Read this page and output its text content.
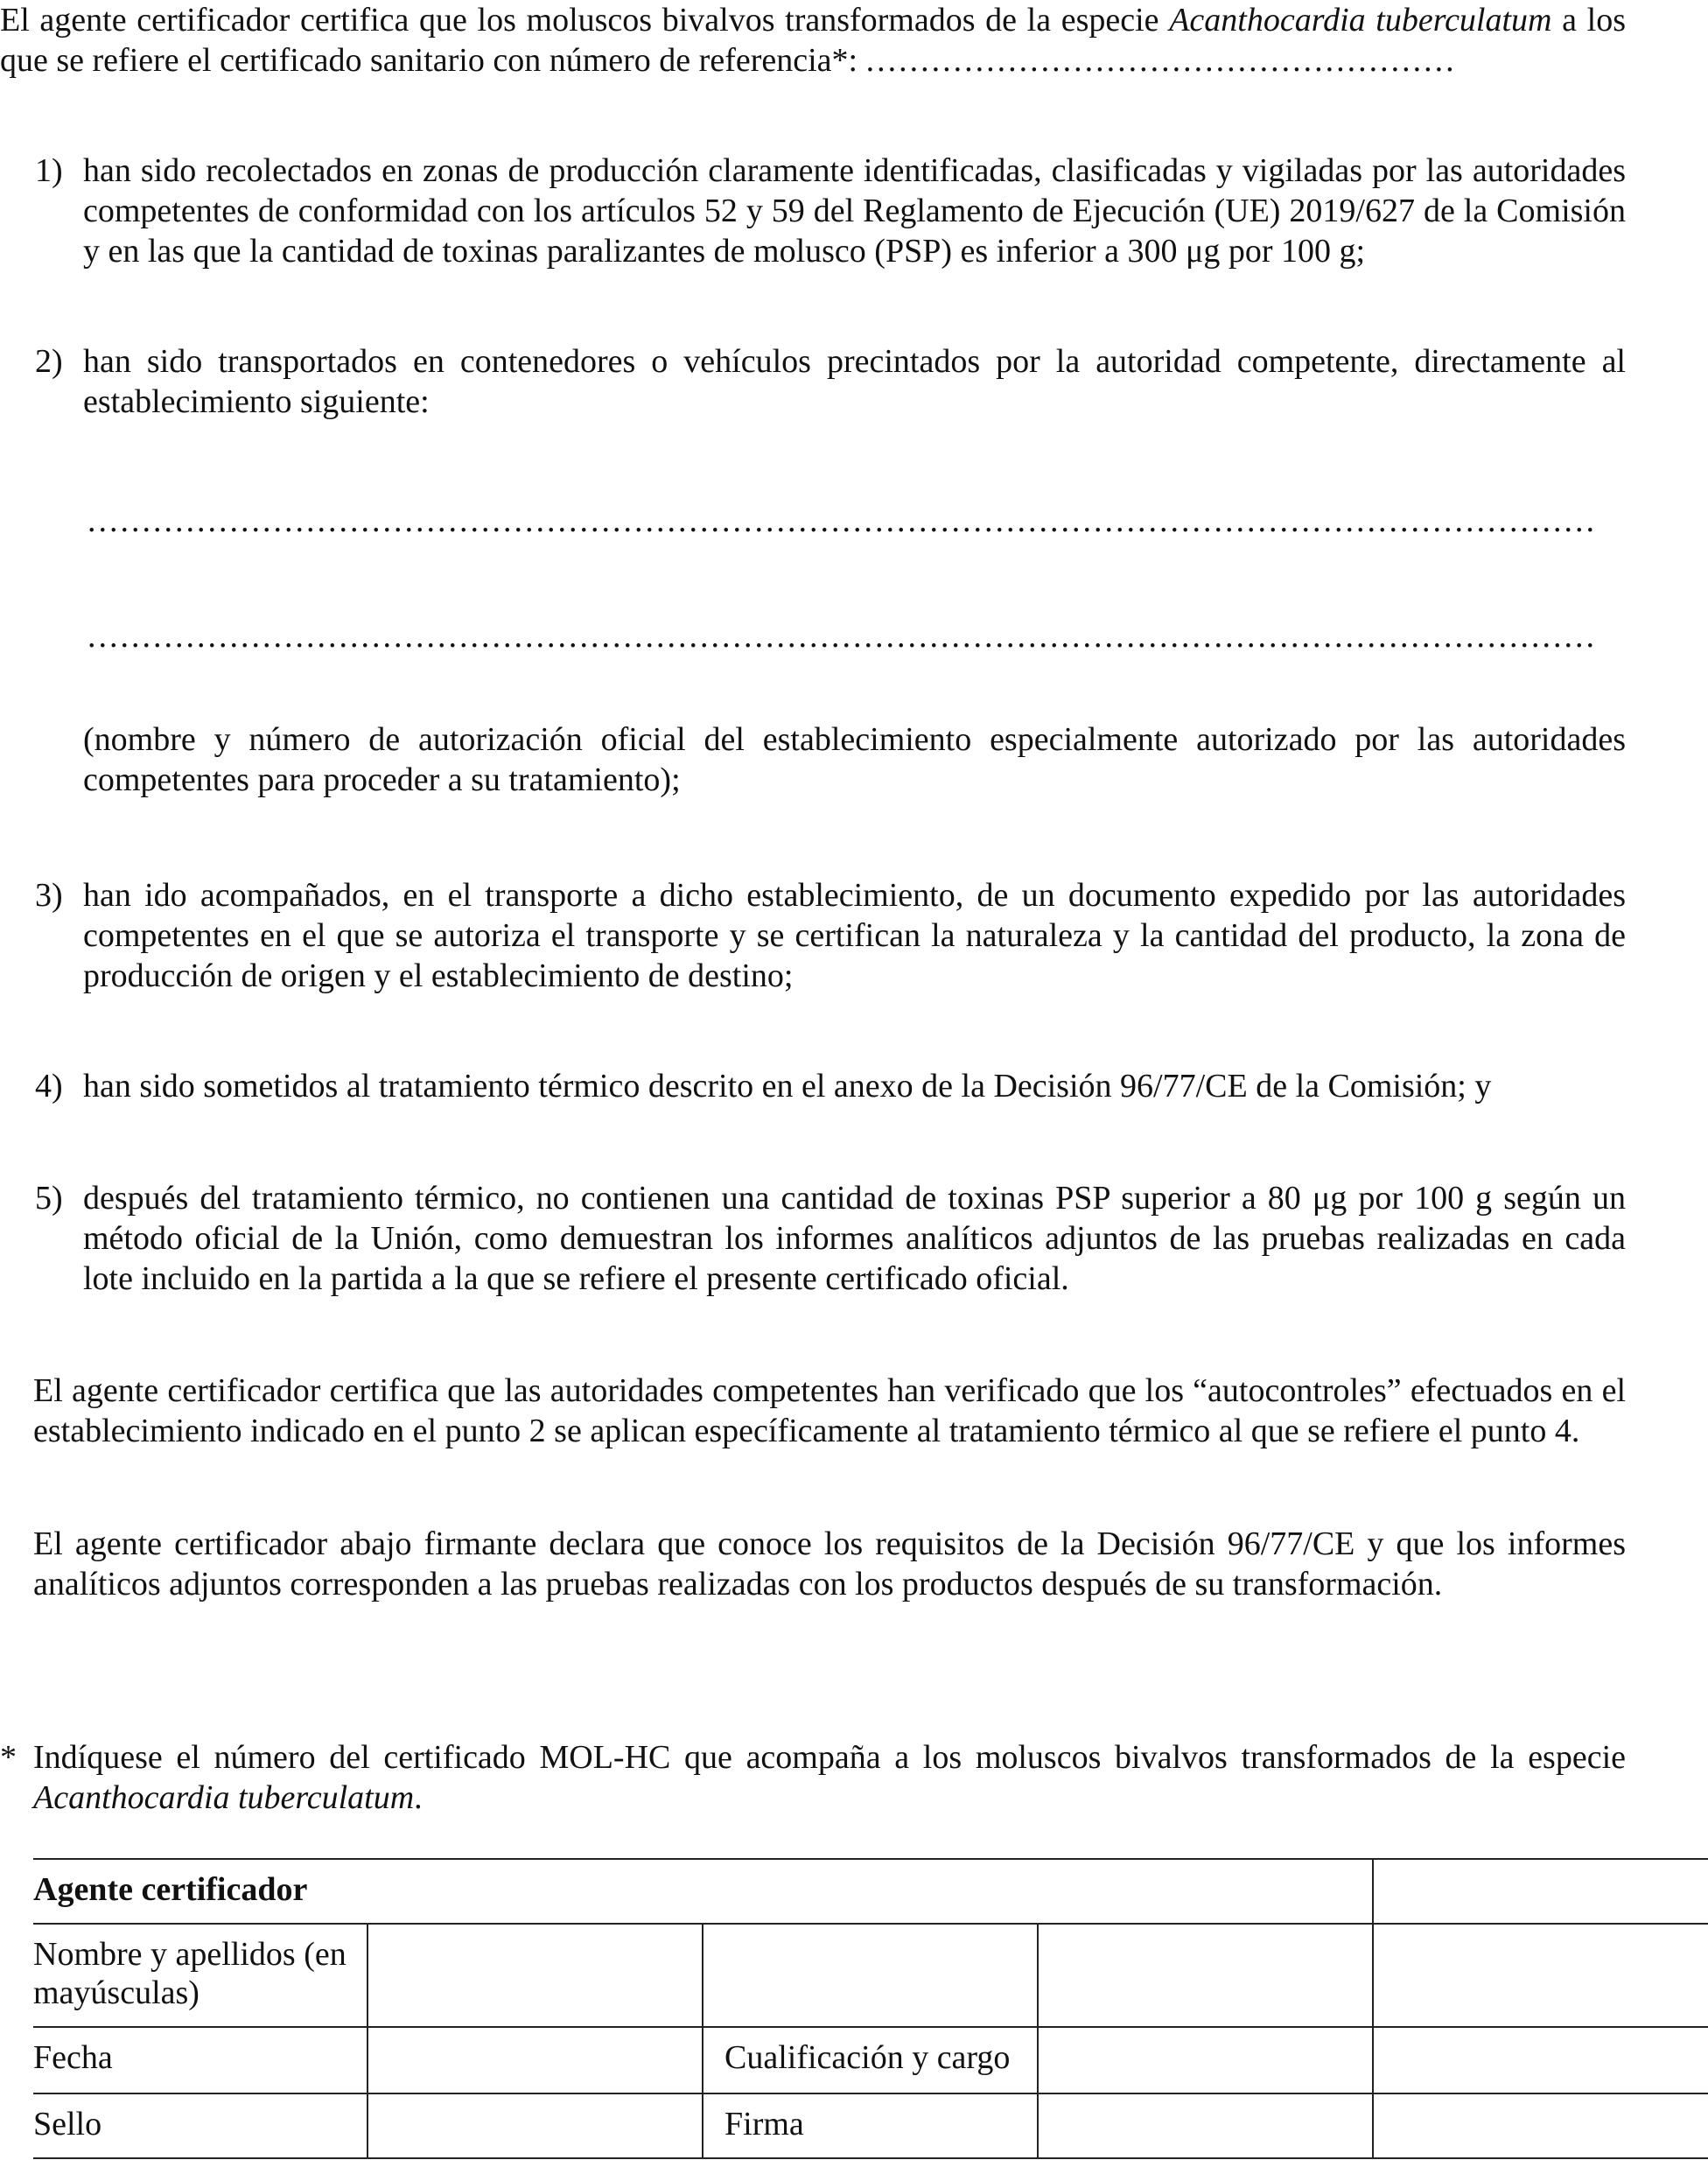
El agente certificador certifica que los moluscos bivalvos transformados de la especie Acanthocardia tuberculatum a los que se refiere el certificado sanitario con número de referencia*: ......................................................
1) han sido recolectados en zonas de producción claramente identificadas, clasificadas y vigiladas por las autoridades competentes de conformidad con los artículos 52 y 59 del Reglamento de Ejecución (UE) 2019/627 de la Comisión y en las que la cantidad de toxinas paralizantes de molusco (PSP) es inferior a 300 μg por 100 g;
2) han sido transportados en contenedores o vehículos precintados por la autoridad competente, directamente al establecimiento siguiente:
..........................................................................................................................................
..........................................................................................................................................
(nombre y número de autorización oficial del establecimiento especialmente autorizado por las autoridades competentes para proceder a su tratamiento);
3) han ido acompañados, en el transporte a dicho establecimiento, de un documento expedido por las autoridades competentes en el que se autoriza el transporte y se certifican la naturaleza y la cantidad del producto, la zona de producción de origen y el establecimiento de destino;
4) han sido sometidos al tratamiento térmico descrito en el anexo de la Decisión 96/77/CE de la Comisión; y
5) después del tratamiento térmico, no contienen una cantidad de toxinas PSP superior a 80 μg por 100 g según un método oficial de la Unión, como demuestran los informes analíticos adjuntos de las pruebas realizadas en cada lote incluido en la partida a la que se refiere el presente certificado oficial.
El agente certificador certifica que las autoridades competentes han verificado que los “autocontroles” efectuados en el establecimiento indicado en el punto 2 se aplican específicamente al tratamiento térmico al que se refiere el punto 4.
El agente certificador abajo firmante declara que conoce los requisitos de la Decisión 96/77/CE y que los informes analíticos adjuntos corresponden a las pruebas realizadas con los productos después de su transformación.
* Indíquese el número del certificado MOL-HC que acompaña a los moluscos bivalvos transformados de la especie Acanthocardia tuberculatum.
Agente certificador				
Nombre y apellidos (en mayúsculas)				
Fecha		Cualificación y cargo		
Sello		Firma		
